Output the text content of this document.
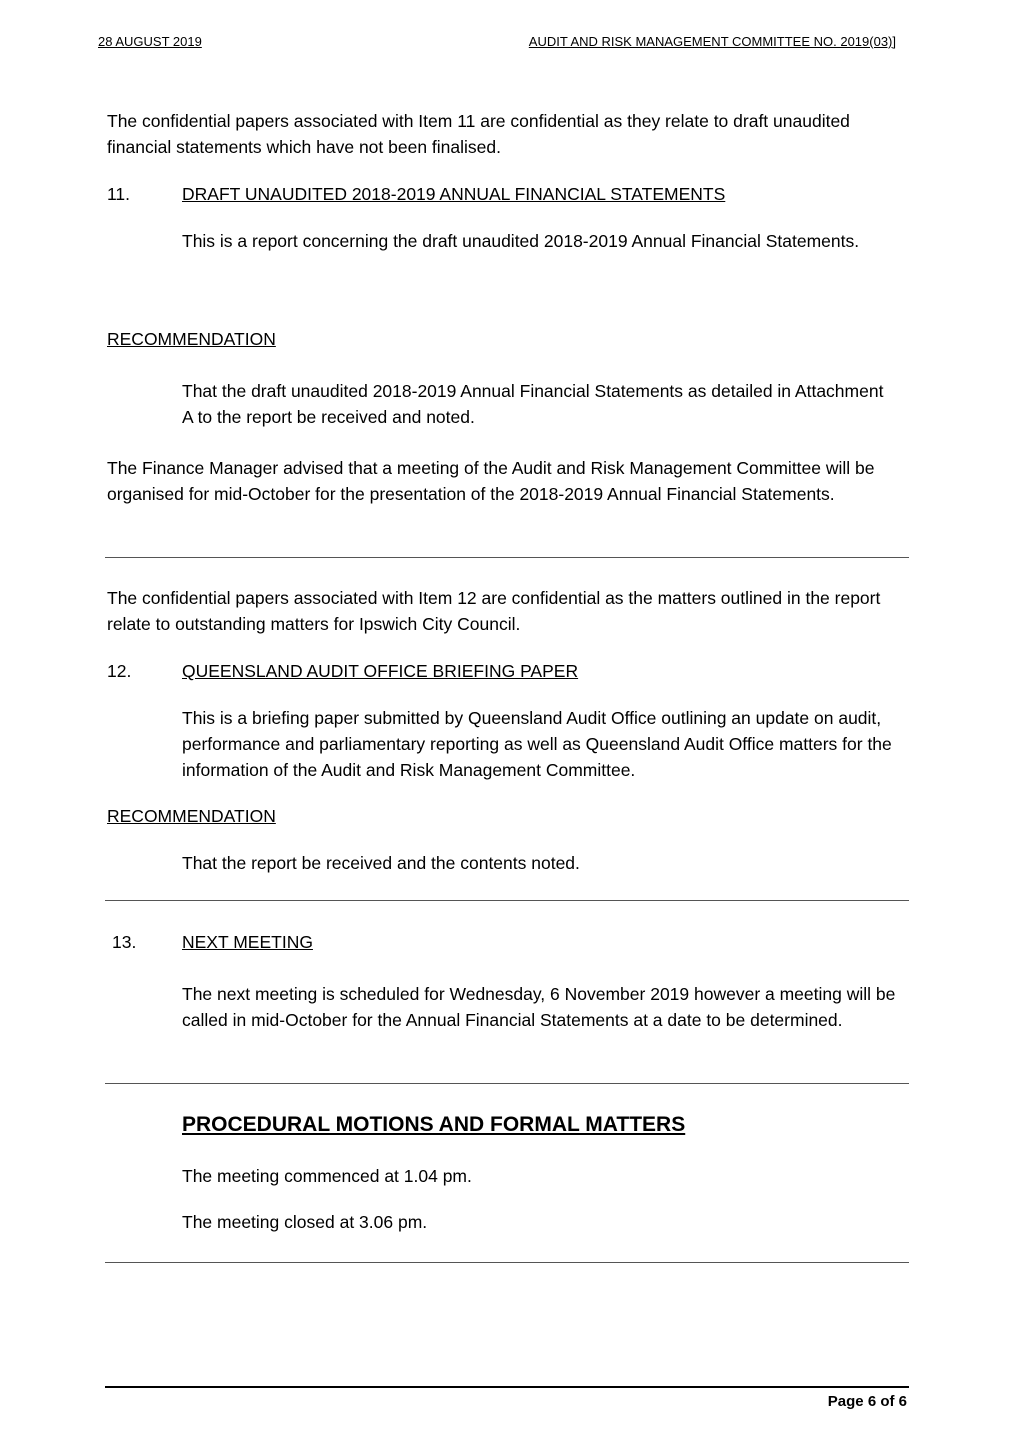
28 AUGUST 2019	AUDIT AND RISK MANAGEMENT COMMITTEE NO. 2019(03)]

The confidential papers associated with Item 11 are confidential as they relate to draft unaudited financial statements which have not been finalised.

11.	DRAFT UNAUDITED 2018-2019 ANNUAL FINANCIAL STATEMENTS

This is a report concerning the draft unaudited 2018-2019 Annual Financial Statements.

RECOMMENDATION

That the draft unaudited 2018-2019 Annual Financial Statements as detailed in Attachment A to the report be received and noted.

The Finance Manager advised that a meeting of the Audit and Risk Management Committee will be organised for mid-October for the presentation of the 2018-2019 Annual Financial Statements.

The confidential papers associated with Item 12 are confidential as the matters outlined in the report relate to outstanding matters for Ipswich City Council.

12.	QUEENSLAND AUDIT OFFICE BRIEFING PAPER

This is a briefing paper submitted by Queensland Audit Office outlining an update on audit, performance and parliamentary reporting as well as Queensland Audit Office matters for the information of the Audit and Risk Management Committee.

RECOMMENDATION

That the report be received and the contents noted.

13.	NEXT MEETING

The next meeting is scheduled for Wednesday, 6 November 2019 however a meeting will be called in mid-October for the Annual Financial Statements at a date to be determined.

PROCEDURAL MOTIONS AND FORMAL MATTERS
The meeting commenced at 1.04 pm.
The meeting closed at 3.06 pm.
Page 6 of 6
